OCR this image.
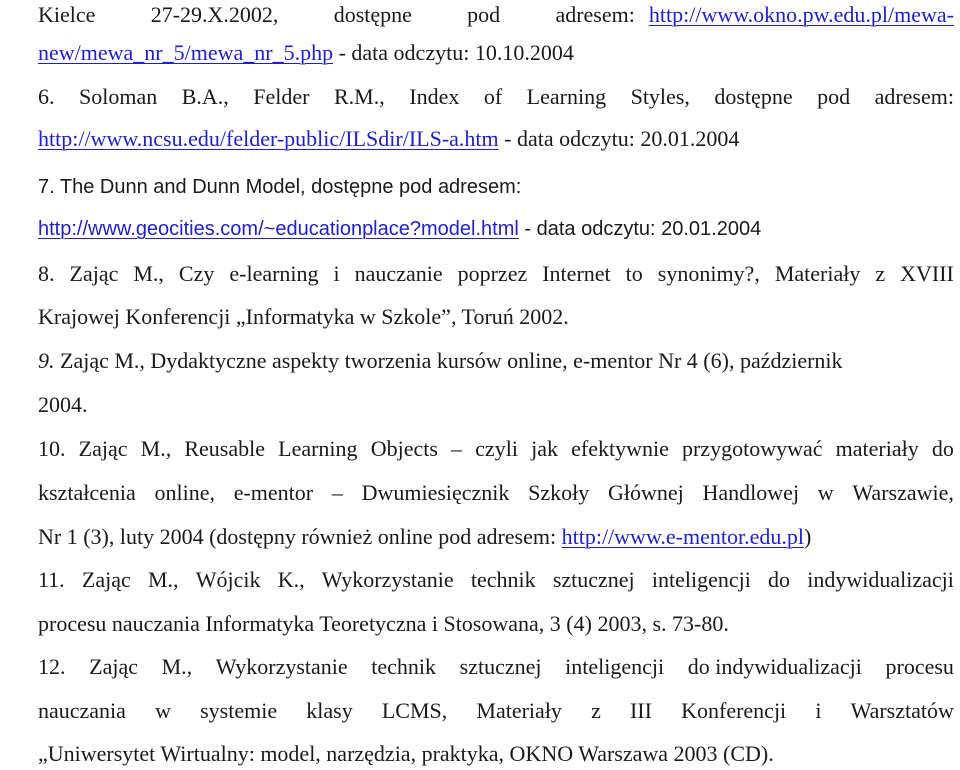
Kielce	27-29.X.2002,	dostępne	pod	adresem: http://www.okno.pw.edu.pl/mewa-
new/mewa_nr_5/mewa_nr_5.php - data odczytu: 10.10.2004
6. Soloman B.A., Felder R.M., Index of Learning Styles, dostępne pod adresem:
http://www.ncsu.edu/felder-public/ILSdir/ILS-a.htm - data odczytu: 20.01.2004
7. The Dunn and Dunn Model, dostępne pod adresem:
http://www.geocities.com/~educationplace?model.html - data odczytu: 20.01.2004
8. Zając M., Czy e-learning i nauczanie poprzez Internet to synonimy?, Materiały z XVIII
Krajowej Konferencji „Informatyka w Szkole”, Toruń 2002.
9. Zając M., Dydaktyczne aspekty tworzenia kursów online, e-mentor Nr 4 (6), październik
2004.
10. Zając M., Reusable Learning Objects – czyli jak efektywnie przygotowywać materiały do
kształcenia online, e-mentor – Dwumiesięcznik Szkoły Głównej Handlowej w Warszawie,
Nr 1 (3), luty 2004 (dostępny również online pod adresem: http://www.e-mentor.edu.pl)
11. Zając M., Wójcik K., Wykorzystanie technik sztucznej inteligencji do indywidualizacji
procesu nauczania Informatyka Teoretyczna i Stosowana, 3 (4) 2003, s. 73-80.
12. Zając M., Wykorzystanie technik sztucznej inteligencji do indywidualizacji procesu
nauczania w systemie klasy LCMS, Materiały z III Konferencji i Warsztatów
„Uniwersytet Wirtualny: model, narzędzia, praktyka, OKNO Warszawa 2003 (CD).
